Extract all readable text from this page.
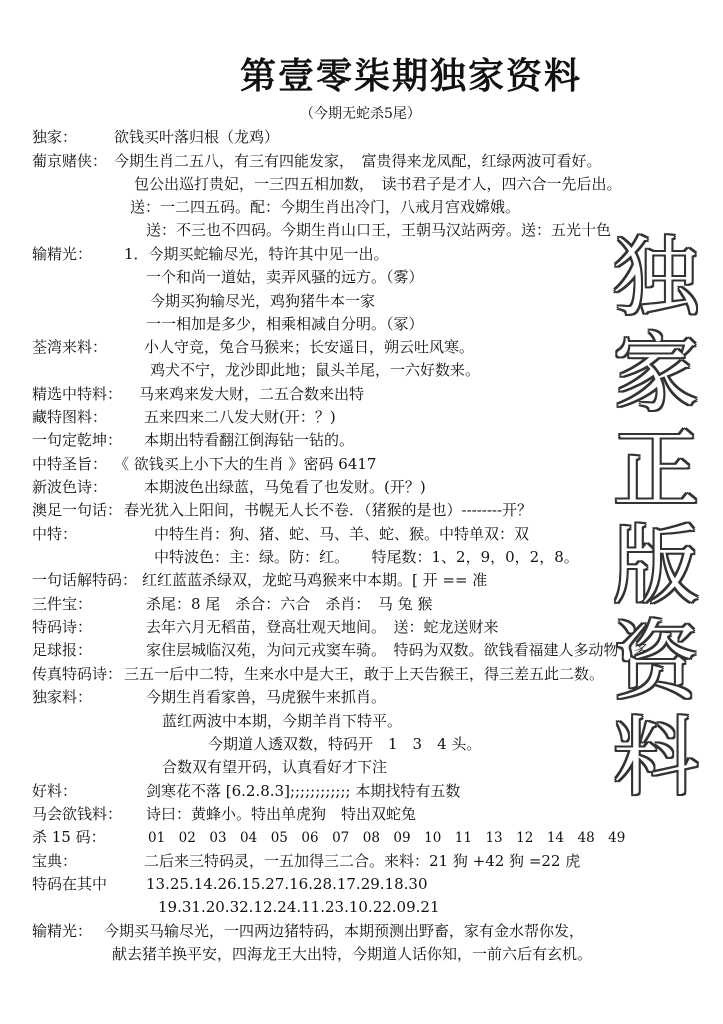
第壹零柒期独家资料
（今期无蛇杀5尾）
独家： 欲钱买叶落归根（龙鸡）
葡京赌侠： 今期生肖二五八，有三有四能发家，　富贵得来龙凤配，红绿两波可看好。
包公出巡打贵妃，一三四五相加数，　读书君子是才人，四六合一先后出。
送：一二四五码。配：今期生肖出冷门，八戒月宫戏嫦娥。
送：不三也不四码。今期生肖山口王，王朝马汉站两旁。送：五光十色
输精光： 1．今期买蛇输尽光，特许其中见一出。
一个和尚一道姑，卖弄风骚的远方。（雾）
今期买狗输尽光，鸡狗猪牛本一家
一一相加是多少，相乘相减自分明。（冢）
荃湾来料： 小人守竞，兔合马猴来；长安遥日，朔云吐风寒。
鸡犬不宁，龙沙即此地；鼠头羊尾，一六好数来。
精选中特料： 马来鸡来发大财，二五合数来出特
藏特图料： 五来四来二八发大财(开：？)
一句定乾坤： 本期出特看翻江倒海钻一钻的。
中特圣旨： 《 欲钱买上小下大的生肖 》密码 6417
新波色诗： 本期波色出绿蓝，马兔看了也发财。(开？)
澳足一句话： 春光犹入上阳间，书幌无人长不卷．（猪猴的是也）--------开？
中特：	中特生肖：狗、猪、蛇、马、羊、蛇、猴。中特单双：双
中特波色：主：绿。防：红。　　特尾数：1、2，9，0，2，8。
一句话解特码： 红红蓝蓝杀绿双，龙蛇马鸡猴来中本期。[ 开 == 准
三件宝：	杀尾：8 尾　杀合：六合　杀肖：　马 兔 猴
特码诗：	去年六月无稻苗，登高壮观天地间。　送：蛇龙送财来
足球报：	家住层城临汉苑，为问元戎窦车骑。　特码为双数。欲钱看福建人多动物也多
传真特码诗： 三五一后中二特，生来水中是大王，敢于上天告猴王，得三差五此二数。
独家料：	今期生肖看家兽，马虎猴牛来抓肖。
蓝红两波中本期，今期羊肖下特平。
今期道人透双数，特码开　1　3　4 头。
合数双有望开码，认真看好才下注
好料：	剑寒花不落 [6.2.8.3];;;;;;;;;;;; 本期找特有五数
马会欲钱料： 诗曰：黄蜂小。特出单虎狗　特出双蛇兔
杀 15 码：	01　02　03　04　05　06　07　08　09　10　11　13　12　14　48　49
宝典：	二后来三特码灵，一五加得三二合。来料：21 狗 +42 狗 =22 虎
特码在其中	13.25.14.26.15.27.16.28.17.29.18.30
19.31.20.32.12.24.11.23.10.22.09.21
输精光： 今期买马输尽光，一四两边猪特码，本期预测出野畜，家有金水帮你发，
献去猪羊换平安，四海龙王大出特，今期道人话你知，一前六后有玄机。
独
家
正
版
资
料
